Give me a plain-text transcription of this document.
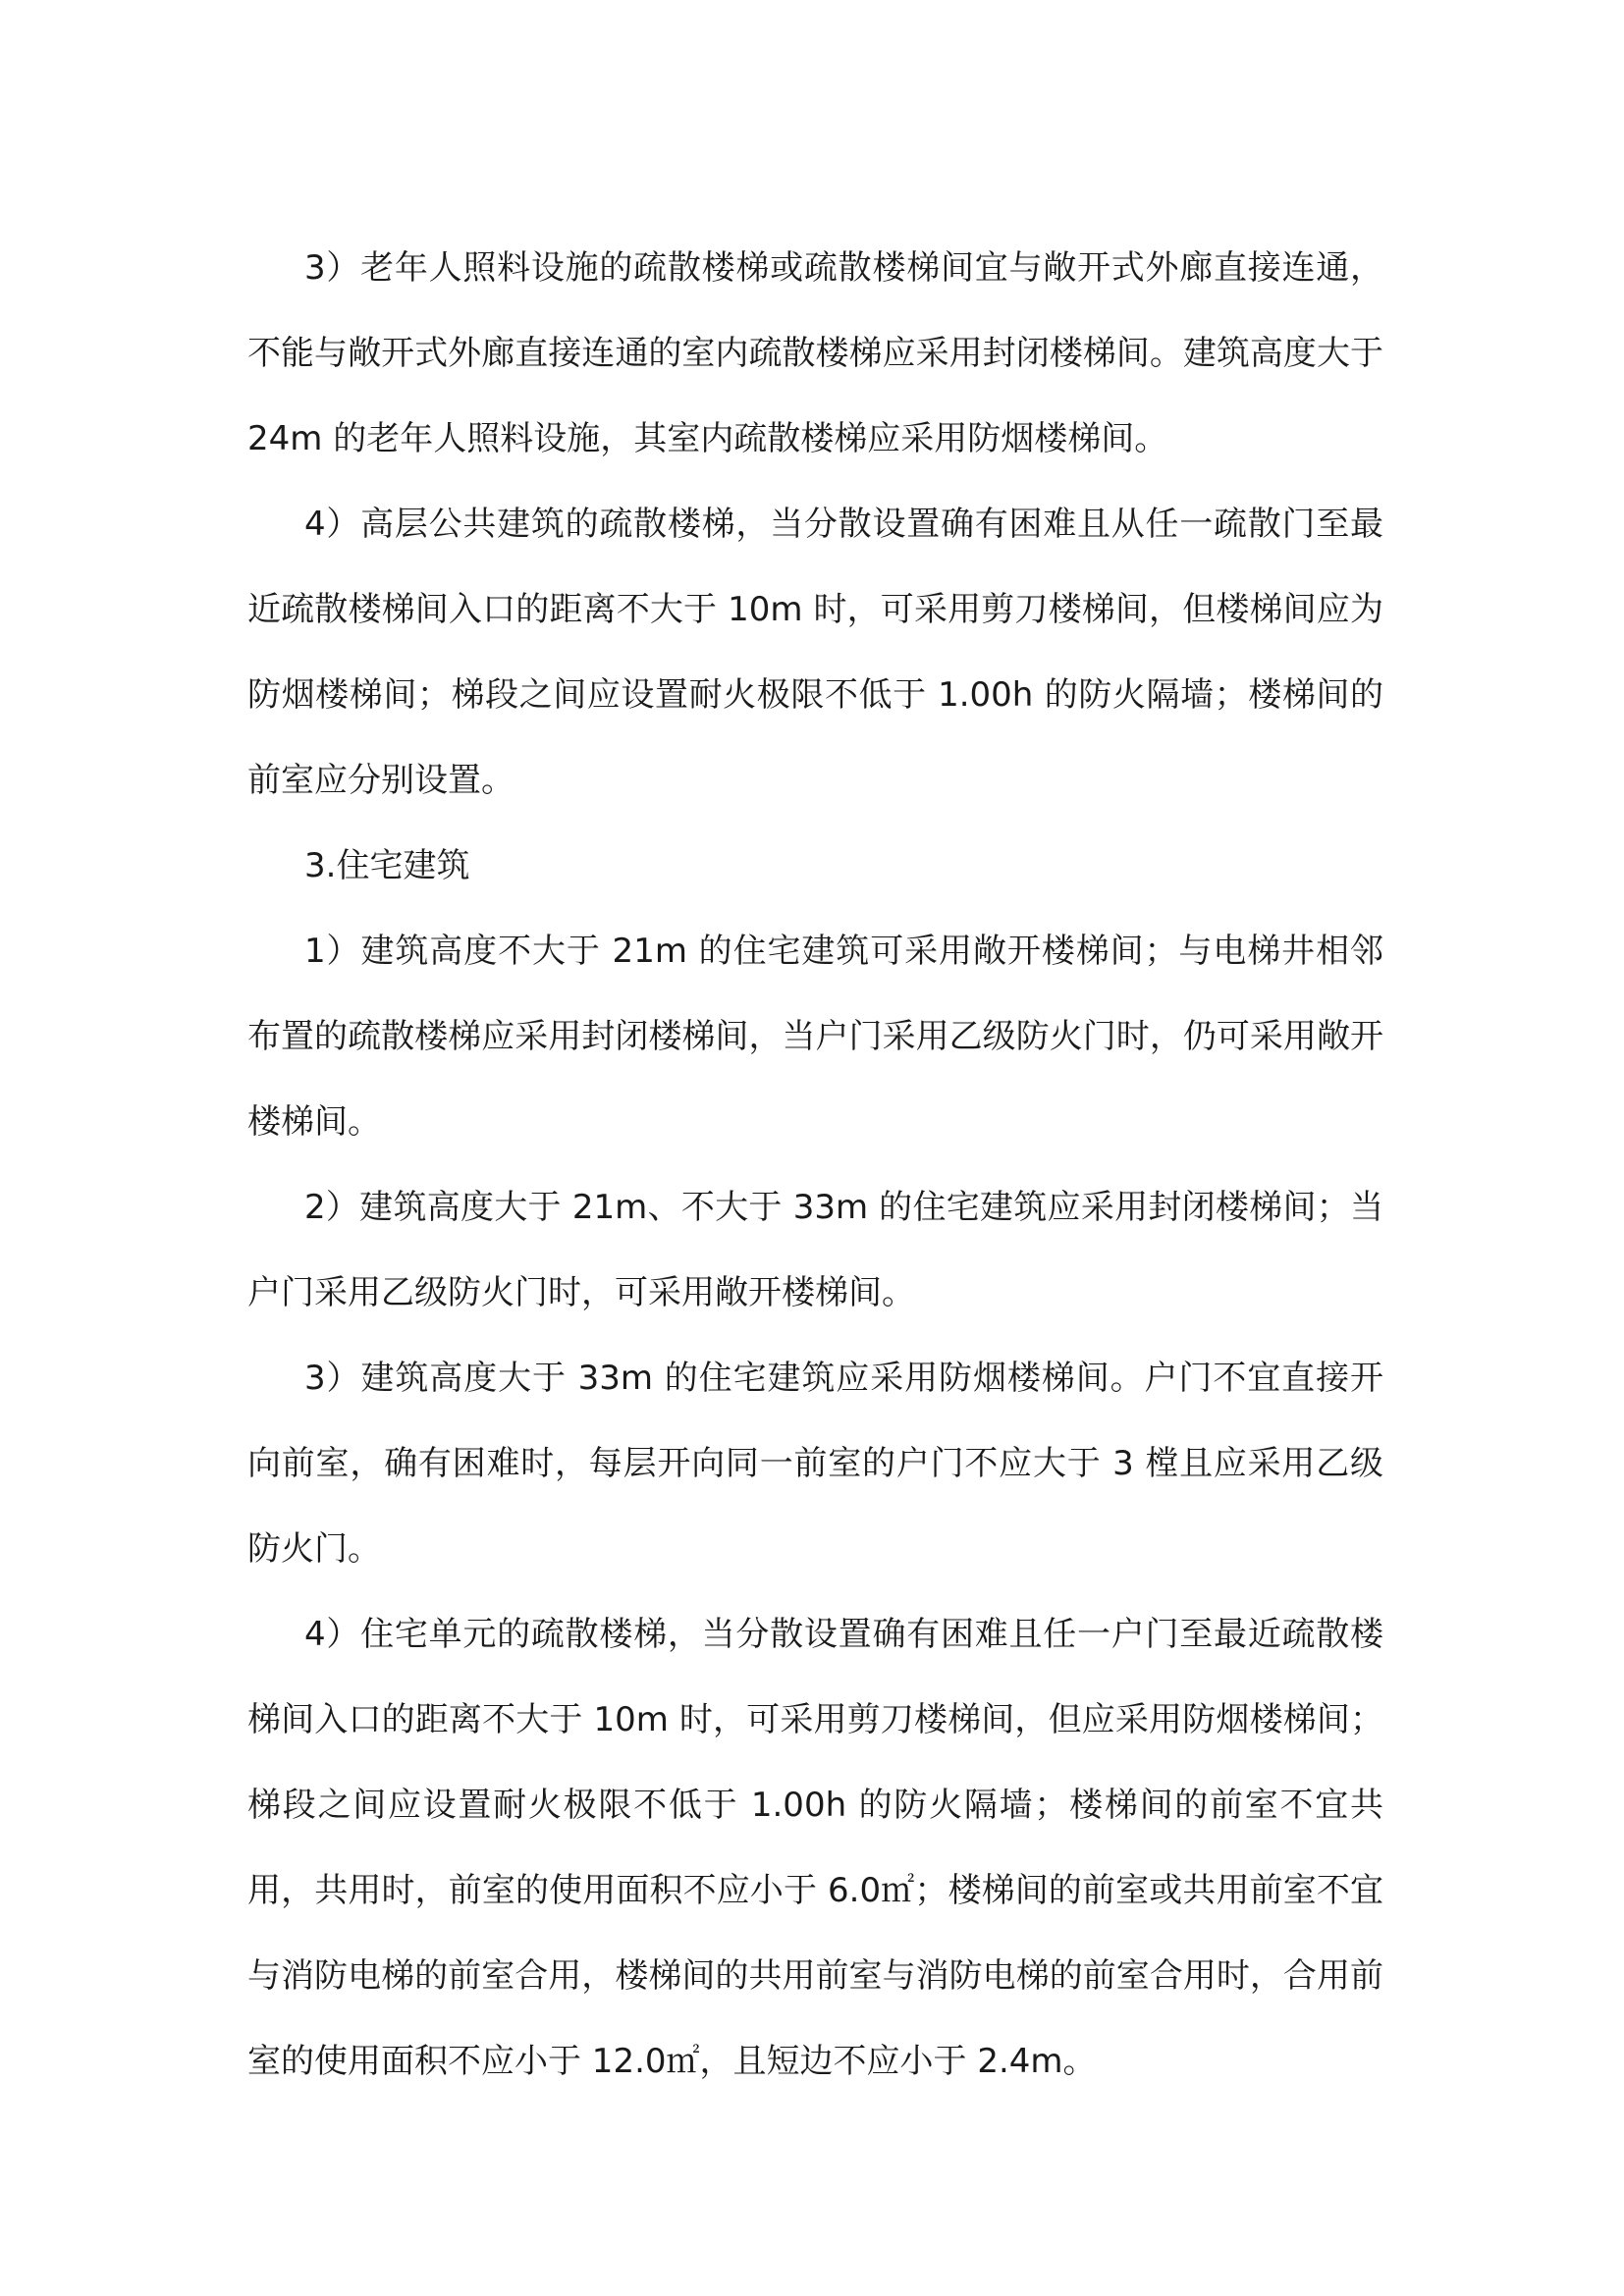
3）老年人照料设施的疏散楼梯或疏散楼梯间宜与敞开式外廊直接连通，不能与敞开式外廊直接连通的室内疏散楼梯应采用封闭楼梯间。建筑高度大于24m 的老年人照料设施，其室内疏散楼梯应采用防烟楼梯间。

4）高层公共建筑的疏散楼梯，当分散设置确有困难且从任一疏散门至最近疏散楼梯间入口的距离不大于 10m 时，可采用剪刀楼梯间，但楼梯间应为防烟楼梯间；梯段之间应设置耐火极限不低于 1.00h 的防火隔墙；楼梯间的前室应分别设置。

3.住宅建筑

1）建筑高度不大于 21m 的住宅建筑可采用敞开楼梯间；与电梯井相邻布置的疏散楼梯应采用封闭楼梯间，当户门采用乙级防火门时，仍可采用敞开楼梯间。

2）建筑高度大于 21m、不大于 33m 的住宅建筑应采用封闭楼梯间；当户门采用乙级防火门时，可采用敞开楼梯间。

3）建筑高度大于 33m 的住宅建筑应采用防烟楼梯间。户门不宜直接开向前室，确有困难时，每层开向同一前室的户门不应大于 3 樘且应采用乙级防火门。

4）住宅单元的疏散楼梯，当分散设置确有困难且任一户门至最近疏散楼梯间入口的距离不大于 10m 时，可采用剪刀楼梯间，但应采用防烟楼梯间；梯段之间应设置耐火极限不低于 1.00h 的防火隔墙；楼梯间的前室不宜共用，共用时，前室的使用面积不应小于 6.0㎡；楼梯间的前室或共用前室不宜与消防电梯的前室合用，楼梯间的共用前室与消防电梯的前室合用时，合用前室的使用面积不应小于 12.0㎡，且短边不应小于 2.4m。
